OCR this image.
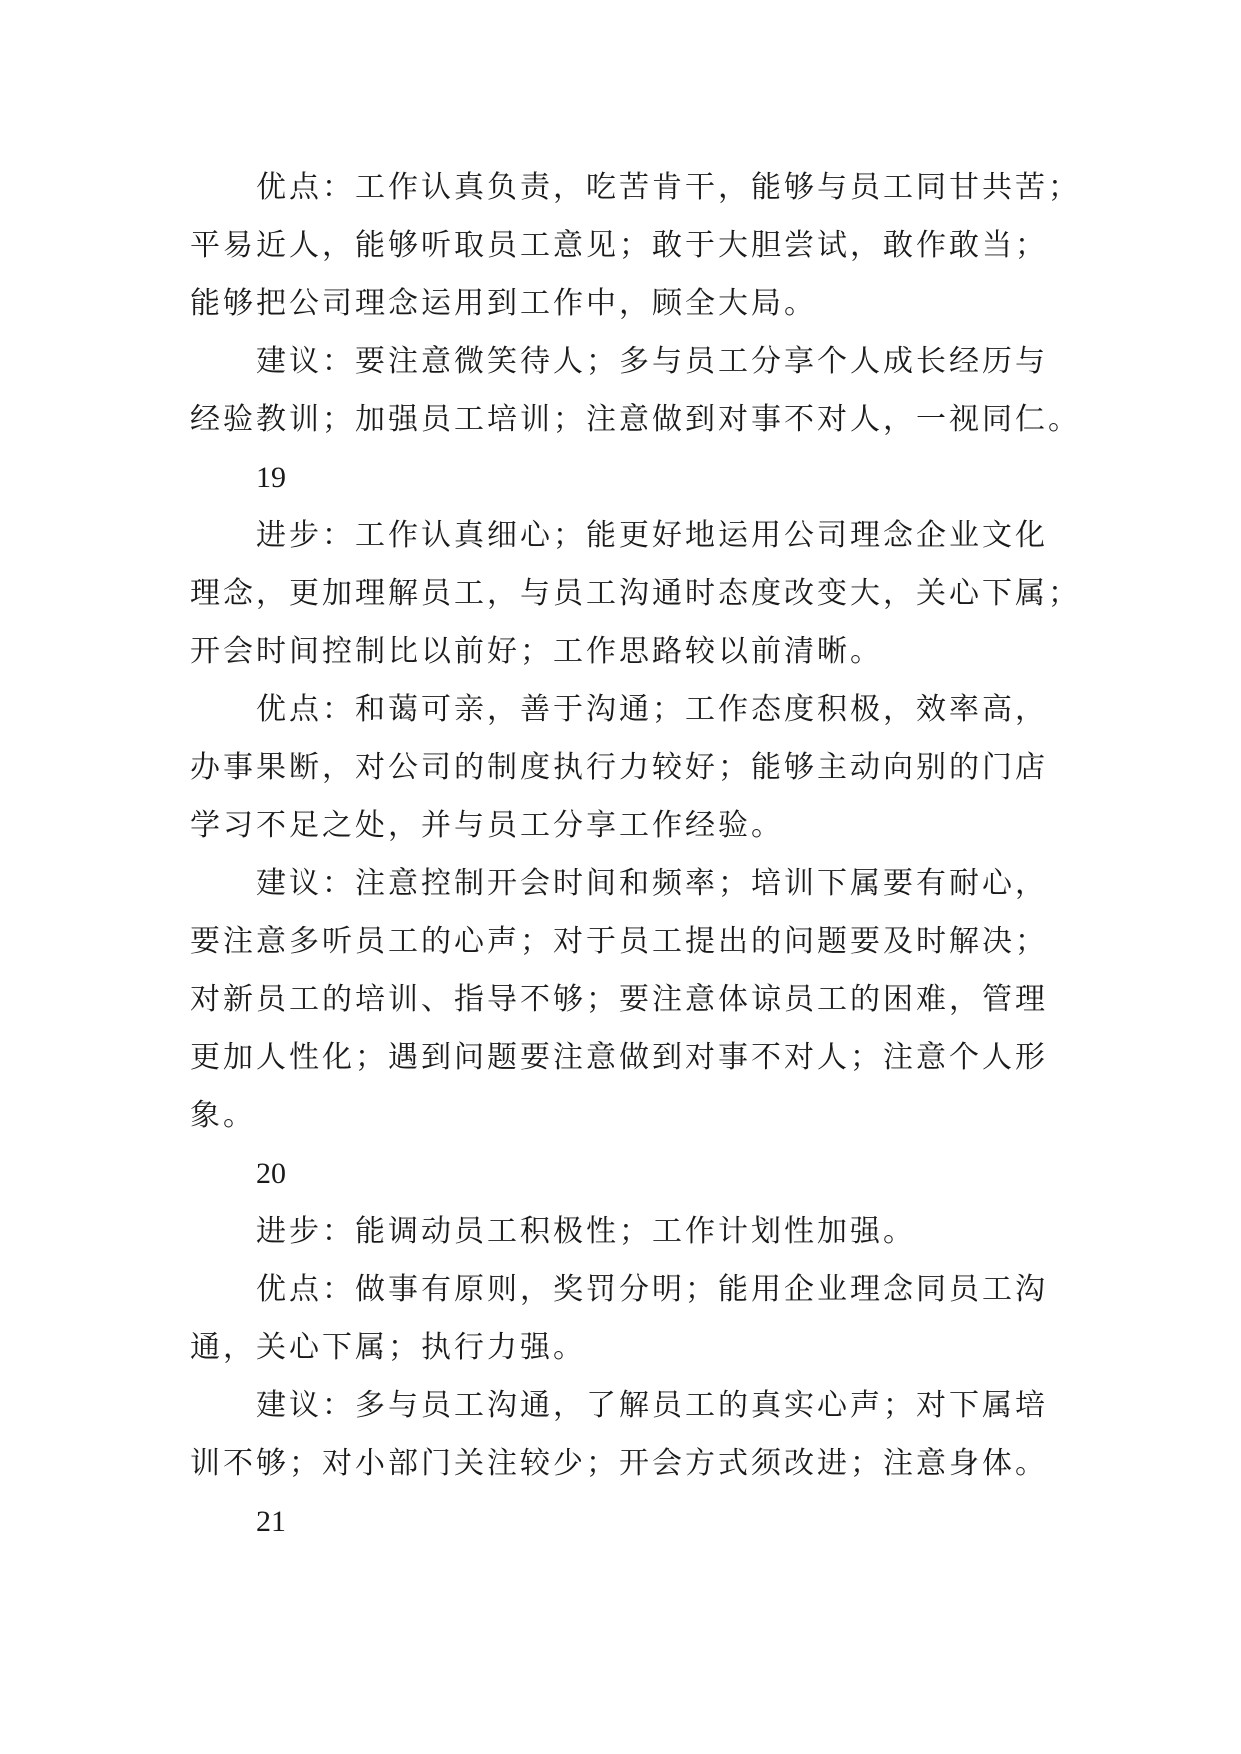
优点：工作认真负责，吃苦肯干，能够与员工同甘共苦；
平易近人，能够听取员工意见；敢于大胆尝试，敢作敢当；
能够把公司理念运用到工作中，顾全大局。
建议：要注意微笑待人；多与员工分享个人成长经历与
经验教训；加强员工培训；注意做到对事不对人，一视同仁。
19
进步：工作认真细心；能更好地运用公司理念企业文化
理念，更加理解员工，与员工沟通时态度改变大，关心下属；
开会时间控制比以前好；工作思路较以前清晰。
优点：和蔼可亲，善于沟通；工作态度积极，效率高，
办事果断，对公司的制度执行力较好；能够主动向别的门店
学习不足之处，并与员工分享工作经验。
建议：注意控制开会时间和频率；培训下属要有耐心，
要注意多听员工的心声；对于员工提出的问题要及时解决；
对新员工的培训、指导不够；要注意体谅员工的困难，管理
更加人性化；遇到问题要注意做到对事不对人；注意个人形
象。
20
进步：能调动员工积极性；工作计划性加强。
优点：做事有原则，奖罚分明；能用企业理念同员工沟
通，关心下属；执行力强。
建议：多与员工沟通，了解员工的真实心声；对下属培
训不够；对小部门关注较少；开会方式须改进；注意身体。
21
